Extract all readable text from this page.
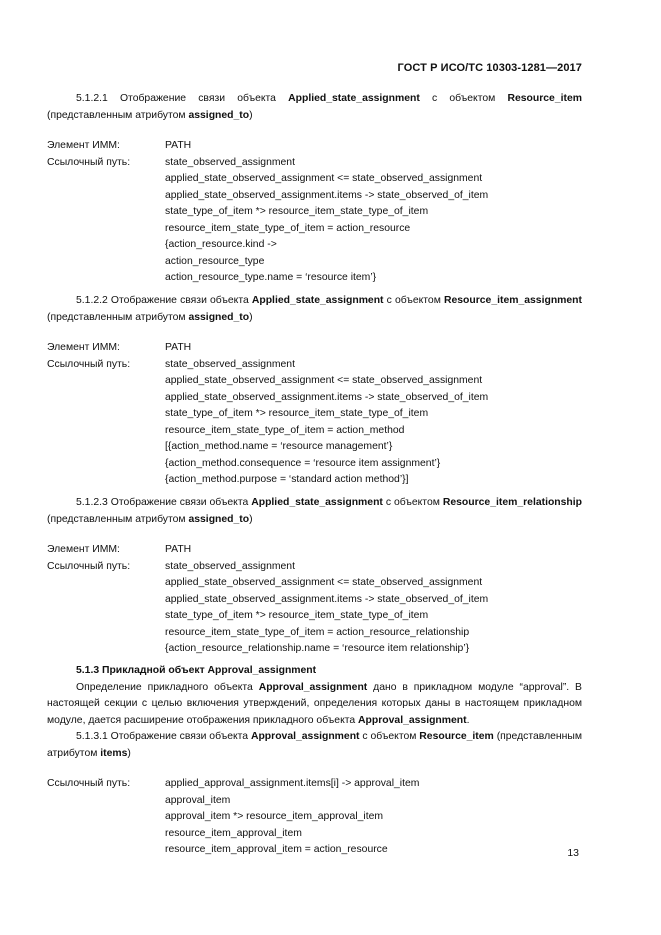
ГОСТ Р ИСО/ТС 10303-1281—2017

5.1.2.1 Отображение связи объекта Applied_state_assignment с объектом Resource_item (представленным атрибутом assigned_to)

Элемент ИММ:	PATH
Ссылочный путь:	state_observed_assignment
applied_state_observed_assignment <= state_observed_assignment
applied_state_observed_assignment.items -> state_observed_of_item
state_type_of_item *> resource_item_state_type_of_item
resource_item_state_type_of_item = action_resource
{action_resource.kind ->
action_resource_type
action_resource_type.name = ‘resource item’}

5.1.2.2 Отображение связи объекта Applied_state_assignment с объектом Resource_item_assignment (представленным атрибутом assigned_to)

Элемент ИММ:	PATH
Ссылочный путь:	state_observed_assignment
applied_state_observed_assignment <= state_observed_assignment
applied_state_observed_assignment.items -> state_observed_of_item
state_type_of_item *> resource_item_state_type_of_item
resource_item_state_type_of_item = action_method
[{action_method.name = ‘resource management’}
{action_method.consequence = ‘resource item assignment’}
{action_method.purpose = ‘standard action method’}]

5.1.2.3 Отображение связи объекта Applied_state_assignment с объектом Resource_item_relationship (представленным атрибутом assigned_to)

Элемент ИММ:	PATH
Ссылочный путь:	state_observed_assignment
applied_state_observed_assignment <= state_observed_assignment
applied_state_observed_assignment.items -> state_observed_of_item
state_type_of_item *> resource_item_state_type_of_item
resource_item_state_type_of_item = action_resource_relationship
{action_resource_relationship.name = ‘resource item relationship’}

5.1.3 Прикладной объект Approval_assignment

Определение прикладного объекта Approval_assignment дано в прикладном модуле “approval”. В настоящей секции с целью включения утверждений, определения которых даны в настоящем прикладном модуле, дается расширение отображения прикладного объекта Approval_assignment.

5.1.3.1 Отображение связи объекта Approval_assignment с объектом Resource_item (представленным атрибутом items)

Ссылочный путь:	applied_approval_assignment.items[i] -> approval_item
approval_item
approval_item *> resource_item_approval_item
resource_item_approval_item
resource_item_approval_item = action_resource	13
